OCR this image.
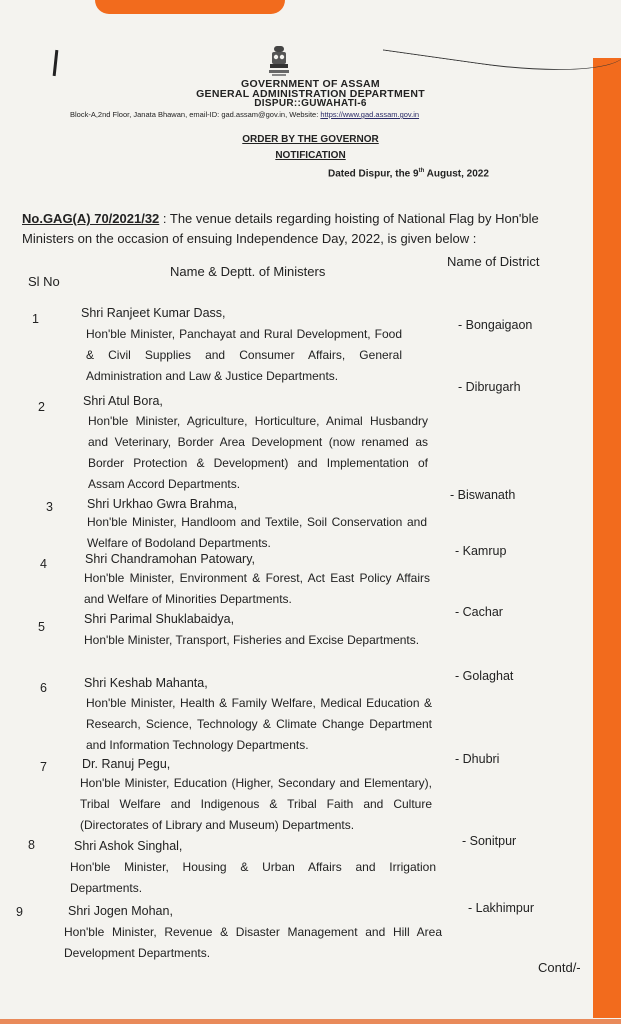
GOVERNMENT OF ASSAM
GENERAL ADMINISTRATION DEPARTMENT
DISPUR::GUWAHATI-6
Block-A,2nd Floor, Janata Bhawan, email-ID: gad.assam@gov.in, Website: https://www.gad.assam.gov.in
ORDER BY THE GOVERNOR
NOTIFICATION
Dated Dispur, the 9th August, 2022
No.GAG(A) 70/2021/32 : The venue details regarding hoisting of National Flag by Hon'ble Ministers on the occasion of ensuing Independence Day, 2022, is given below :
Sl No
Name & Deptt. of Ministers
Name of District
1	Shri Ranjeet Kumar Dass,
Hon'ble Minister, Panchayat and Rural Development, Food & Civil Supplies and Consumer Affairs, General Administration and Law & Justice Departments.
- Bongaigaon
2	Shri Atul Bora,
Hon'ble Minister, Agriculture, Horticulture, Animal Husbandry and Veterinary, Border Area Development (now renamed as Border Protection & Development) and Implementation of Assam Accord Departments.
- Dibrugarh
3	Shri Urkhao Gwra Brahma,
Hon'ble Minister, Handloom and Textile, Soil Conservation and Welfare of Bodoland Departments.
- Biswanath
4	Shri Chandramohan Patowary,
Hon'ble Minister, Environment & Forest, Act East Policy Affairs and Welfare of Minorities Departments.
- Kamrup
5
Shri Parimal Shuklabaidya,
Hon'ble Minister, Transport, Fisheries and Excise Departments.
- Cachar
6	Shri Keshab Mahanta,
Hon'ble Minister, Health & Family Welfare, Medical Education & Research, Science, Technology & Climate Change Department and Information Technology Departments.
- Golaghat
7	Dr. Ranuj Pegu,
Hon'ble Minister, Education (Higher, Secondary and Elementary), Tribal Welfare and Indigenous & Tribal Faith and Culture (Directorates of Library and Museum) Departments.
- Dhubri
8	Shri Ashok Singhal,
Hon'ble Minister, Housing & Urban Affairs and Irrigation Departments.
- Sonitpur
9	Shri Jogen Mohan,
Hon'ble Minister, Revenue & Disaster Management and Hill Area Development Departments.
- Lakhimpur
Contd/-
